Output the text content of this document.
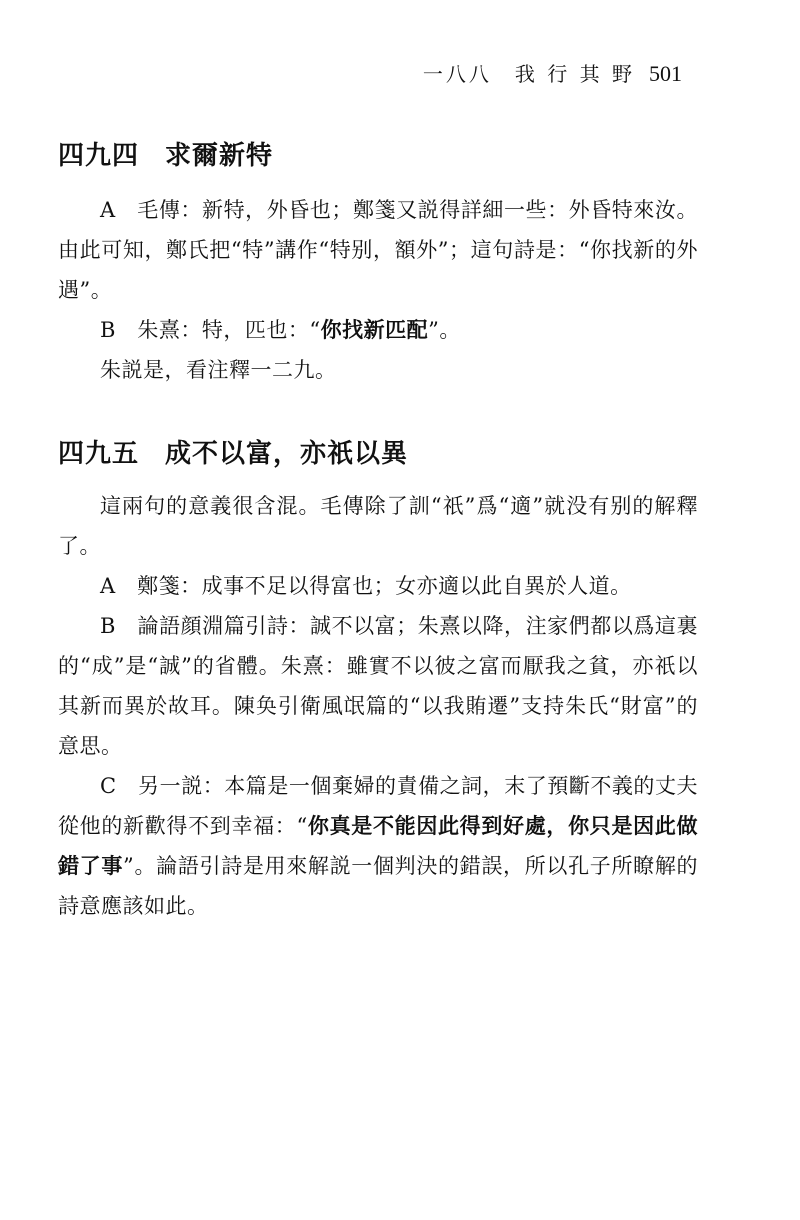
一八八　我 行 其 野 501
四九四 求爾新特

A　毛傳：新特，外昏也；鄭箋又説得詳細一些：外昏特來汝。由此可知，鄭氏把“特”講作“特别，額外”；這句詩是：“你找新的外遇”。

B　朱熹：特，匹也：“你找新匹配”。

朱説是，看注釋一二九。

四九五 成不以富，亦祇以異

這兩句的意義很含混。毛傳除了訓“祇”爲“適”就没有别的解釋了。

A　鄭箋：成事不足以得富也；女亦適以此自異於人道。

B　論語顔淵篇引詩：誠不以富；朱熹以降，注家們都以爲這裏的“成”是“誠”的省體。朱熹：雖實不以彼之富而厭我之貧，亦祇以其新而異於故耳。陳奂引衛風氓篇的“以我賄遷”支持朱氏“財富”的意思。

C　另一説：本篇是一個棄婦的責備之詞，末了預斷不義的丈夫從他的新歡得不到幸福：“你真是不能因此得到好處，你只是因此做錯了事”。論語引詩是用來解説一個判決的錯誤，所以孔子所瞭解的詩意應該如此。
